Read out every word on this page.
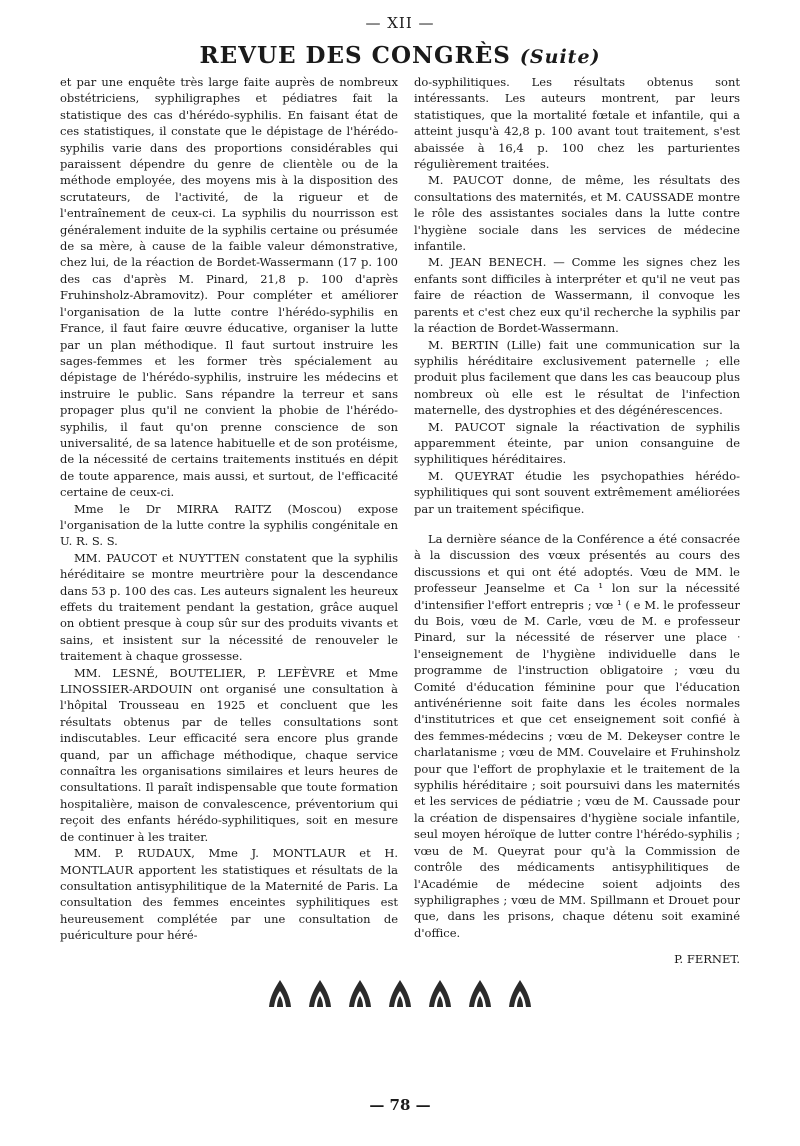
— XII —
REVUE DES CONGRÈS (Suite)

et par une enquête très large faite auprès de nombreux obstétriciens, syphiligraphes et pédiatres fait la statistique des cas d'hérédo-syphilis. En faisant état de ces statistiques, il constate que le dépistage de l'hérédo-syphilis varie dans des proportions considérables qui paraissent dépendre du genre de clientèle ou de la méthode employée, des moyens mis à la disposition des scrutateurs, de l'activité, de la rigueur et de l'entraînement de ceux-ci. La syphilis du nourrisson est généralement induite de la syphilis certaine ou présumée de sa mère, à cause de la faible valeur démonstrative, chez lui, de la réaction de Bordet-Wassermann (17 p. 100 des cas d'après M. Pinard, 21,8 p. 100 d'après Fruhinsholz-Abramovitz). Pour compléter et améliorer l'organisation de la lutte contre l'hérédo-syphilis en France, il faut faire œuvre éducative, organiser la lutte par un plan méthodique. Il faut surtout instruire les sages-femmes et les former très spécialement au dépistage de l'hérédo-syphilis, instruire les médecins et instruire le public. Sans répandre la terreur et sans propager plus qu'il ne convient la phobie de l'hérédo-syphilis, il faut qu'on prenne conscience de son universalité, de sa latence habituelle et de son protéisme, de la nécessité de certains traitements institués en dépit de toute apparence, mais aussi, et surtout, de l'efficacité certaine de ceux-ci.

Mme le Dr MIRRA RAITZ (Moscou) expose l'organisation de la lutte contre la syphilis congénitale en U. R. S. S.

MM. PAUCOT et NUYTTEN constatent que la syphilis héréditaire se montre meurtrière pour la descendance dans 53 p. 100 des cas. Les auteurs signalent les heureux effets du traitement pendant la gestation, grâce auquel on obtient presque à coup sûr sur des produits vivants et sains, et insistent sur la nécessité de renouveler le traitement à chaque grossesse.

MM. LESNÉ, BOUTELIER, P. LEFÈVRE et Mme LINOSSIER-ARDOUIN ont organisé une consultation à l'hôpital Trousseau en 1925 et concluent que les résultats obtenus par de telles consultations sont indiscutables. Leur efficacité sera encore plus grande quand, par un affichage méthodique, chaque service connaîtra les organisations similaires et leurs heures de consultations. Il paraît indispensable que toute formation hospitalière, maison de convalescence, préventorium qui reçoit des enfants hérédo-syphilitiques, soit en mesure de continuer à les traiter.

MM. P. RUDAUX, Mme J. MONTLAUR et H. MONTLAUR apportent les statistiques et résultats de la consultation antisyphilitique de la Maternité de Paris. La consultation des femmes enceintes syphilitiques est heureusement complétée par une consultation de puériculture pour héré-

do-syphilitiques. Les résultats obtenus sont intéressants. Les auteurs montrent, par leurs statistiques, que la mortalité fœtale et infantile, qui a atteint jusqu'à 42,8 p. 100 avant tout traitement, s'est abaissée à 16,4 p. 100 chez les parturientes régulièrement traitées.

M. PAUCOT donne, de même, les résultats des consultations des maternités, et M. CAUSSADE montre le rôle des assistantes sociales dans la lutte contre l'hygiène sociale dans les services de médecine infantile.

M. JEAN BENECH. — Comme les signes chez les enfants sont difficiles à interpréter et qu'il ne veut pas faire de réaction de Wassermann, il convoque les parents et c'est chez eux qu'il recherche la syphilis par la réaction de Bordet-Wassermann.

M. BERTIN (Lille) fait une communication sur la syphilis héréditaire exclusivement paternelle ; elle produit plus facilement que dans les cas beaucoup plus nombreux où elle est le résultat de l'infection maternelle, des dystrophies et des dégénérescences.

M. PAUCOT signale la réactivation de syphilis apparemment éteinte, par union consanguine de syphilitiques héréditaires.

M. QUEYRAT étudie les psychopathies hérédo-syphilitiques qui sont souvent extrêmement améliorées par un traitement spécifique.

La dernière séance de la Conférence a été consacrée à la discussion des vœux présentés au cours des discussions et qui ont été adoptés. Vœu de MM. le professeur Jeanselme et Ca ¹ lon sur la nécessité d'intensifier l'effort entrepris ; vœ ¹ ( e M. le professeur du Bois, vœu de M. Carle, vœu de M. e professeur Pinard, sur la nécessité de réserver une place ᐧ l'enseignement de l'hygiène individuelle dans le programme de l'instruction obligatoire ; vœu du Comité d'éducation féminine pour que l'éducation antivénérienne soit faite dans les écoles normales d'institutrices et que cet enseignement soit confié à des femmes-médecins ; vœu de M. Dekeyser contre le charlatanisme ; vœu de MM. Couvelaire et Fruhinsholz pour que l'effort de prophylaxie et le traitement de la syphilis héréditaire ; soit poursuivi dans les maternités et les services de pédiatrie ; vœu de M. Caussade pour la création de dispensaires d'hygiène sociale infantile, seul moyen héroïque de lutter contre l'hérédo-syphilis ; vœu de M. Queyrat pour qu'à la Commission de contrôle des médicaments antisyphilitiques de l'Académie de médecine soient adjoints des syphiligraphes ; vœu de MM. Spillmann et Drouet pour que, dans les prisons, chaque détenu soit examiné d'office.

P. FERNET.
— 78 —
